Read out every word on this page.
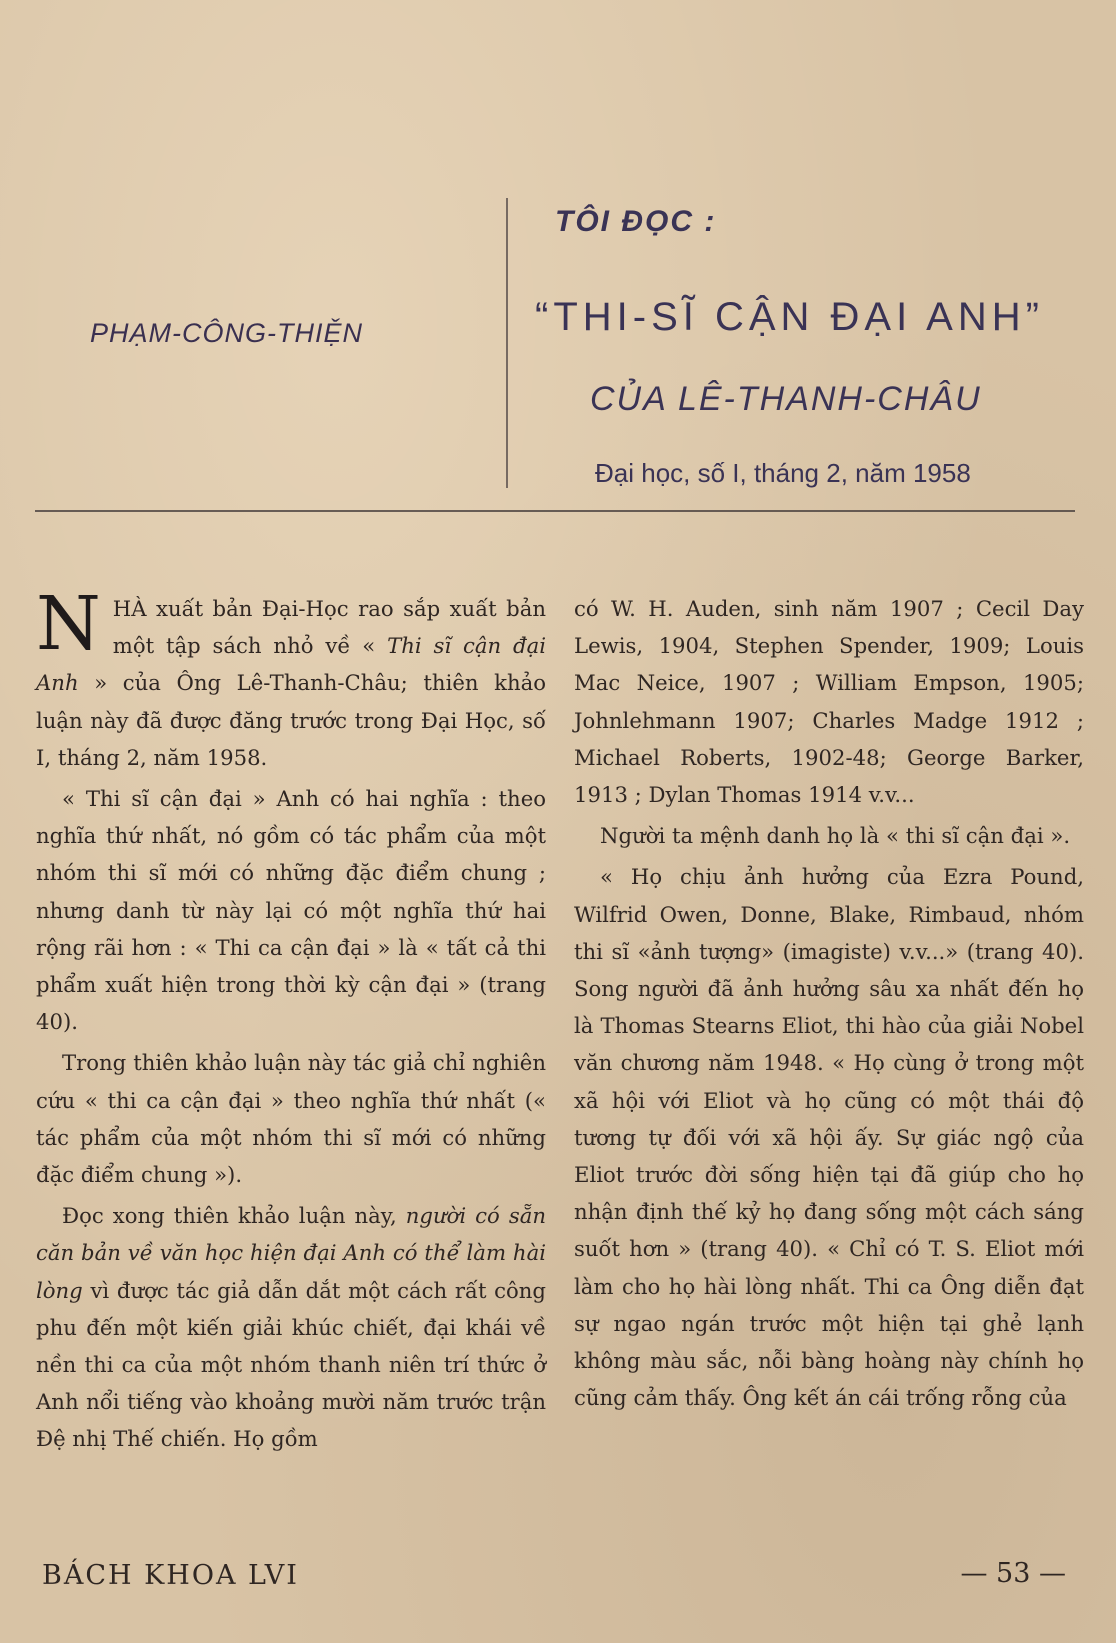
PHẠM-CÔNG-THIỆN
TÔI ĐỌC :
“THI-SĨ CẬN ĐẠI ANH”
CỦA LÊ-THANH-CHÂU
Đại học, số I, tháng 2, năm 1958

NHÀ xuất bản Đại-Học rao sắp xuất bản một tập sách nhỏ về « Thi sĩ cận đại Anh » của Ông Lê-Thanh-Châu; thiên khảo luận này đã được đăng trước trong Đại Học, số I, tháng 2, năm 1958.

« Thi sĩ cận đại » Anh có hai nghĩa : theo nghĩa thứ nhất, nó gồm có tác phẩm của một nhóm thi sĩ mới có những đặc điểm chung ; nhưng danh từ này lại có một nghĩa thứ hai rộng rãi hơn : « Thi ca cận đại » là « tất cả thi phẩm xuất hiện trong thời kỳ cận đại » (trang 40).

Trong thiên khảo luận này tác giả chỉ nghiên cứu « thi ca cận đại » theo nghĩa thứ nhất (« tác phẩm của một nhóm thi sĩ mới có những đặc điểm chung »).

Đọc xong thiên khảo luận này, người có sẵn căn bản về văn học hiện đại Anh có thể làm hài lòng vì được tác giả dẫn dắt một cách rất công phu đến một kiến giải khúc chiết, đại khái về nền thi ca của một nhóm thanh niên trí thức ở Anh nổi tiếng vào khoảng mười năm trước trận Đệ nhị Thế chiến. Họ gồm

có W. H. Auden, sinh năm 1907 ; Cecil Day Lewis, 1904, Stephen Spender, 1909; Louis Mac Neice, 1907 ; William Empson, 1905; Johnlehmann 1907; Charles Madge 1912 ; Michael Roberts, 1902-48; George Barker, 1913 ; Dylan Thomas 1914 v.v...

Người ta mệnh danh họ là « thi sĩ cận đại ».

« Họ chịu ảnh hưởng của Ezra Pound, Wilfrid Owen, Donne, Blake, Rimbaud, nhóm thi sĩ «ảnh tượng» (imagiste) v.v...» (trang 40). Song người đã ảnh hưởng sâu xa nhất đến họ là Thomas Stearns Eliot, thi hào của giải Nobel văn chương năm 1948. « Họ cùng ở trong một xã hội với Eliot và họ cũng có một thái độ tương tự đối với xã hội ấy. Sự giác ngộ của Eliot trước đời sống hiện tại đã giúp cho họ nhận định thế kỷ họ đang sống một cách sáng suốt hơn » (trang 40). « Chỉ có T. S. Eliot mới làm cho họ hài lòng nhất. Thi ca Ông diễn đạt sự ngao ngán trước một hiện tại ghẻ lạnh không màu sắc, nỗi bàng hoàng này chính họ cũng cảm thấy. Ông kết án cái trống rỗng của

BÁCH KHOA LVI	— 53 —
